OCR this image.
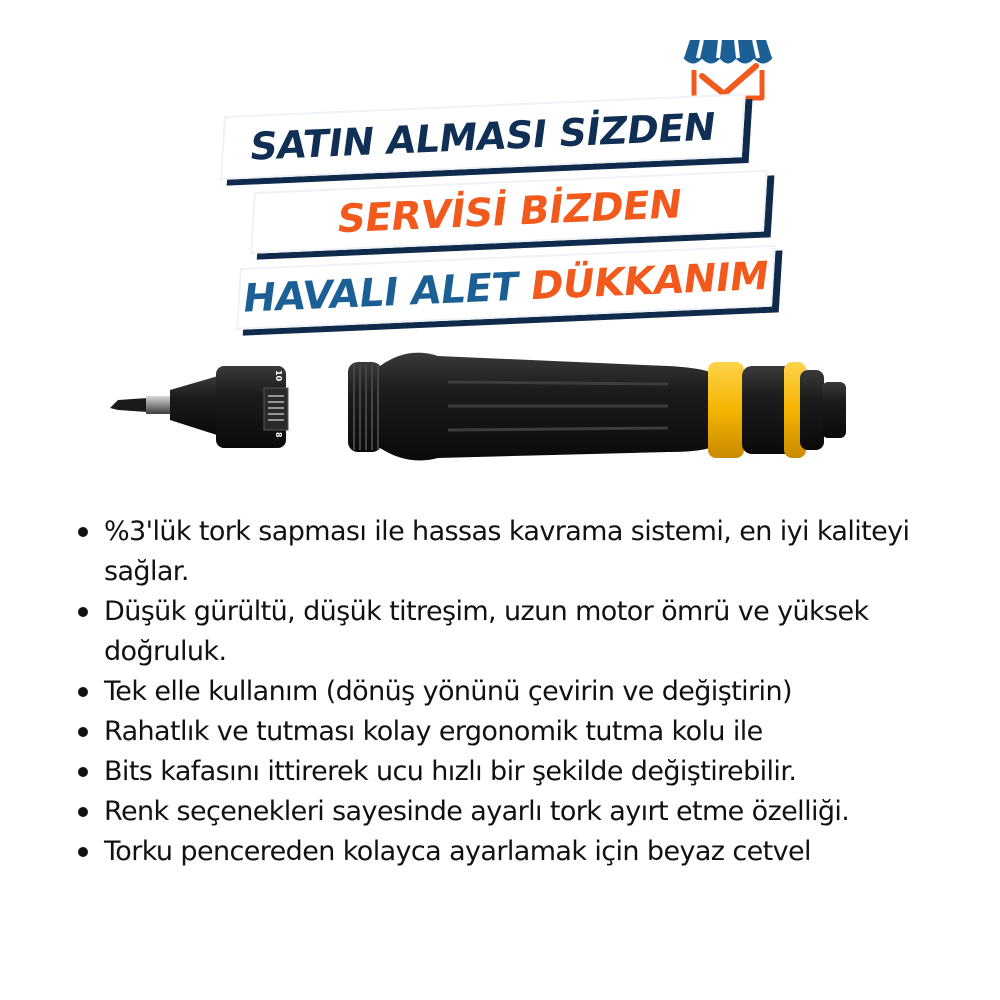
SATIN ALMASI SİZDEN
SERVİSİ BİZDEN
HAVALI ALET DÜKKANIM
10 6 2
8 4 0
%3'lük tork sapması ile hassas kavrama sistemi, en iyi kaliteyi sağlar.
Düşük gürültü, düşük titreşim, uzun motor ömrü ve yüksek doğruluk.
Tek elle kullanım (dönüş yönünü çevirin ve değiştirin)
Rahatlık ve tutması kolay ergonomik tutma kolu ile
Bits kafasını ittirerek ucu hızlı bir şekilde değiştirebilir.
Renk seçenekleri sayesinde ayarlı tork ayırt etme özelliği.
Torku pencereden kolayca ayarlamak için beyaz cetvel
